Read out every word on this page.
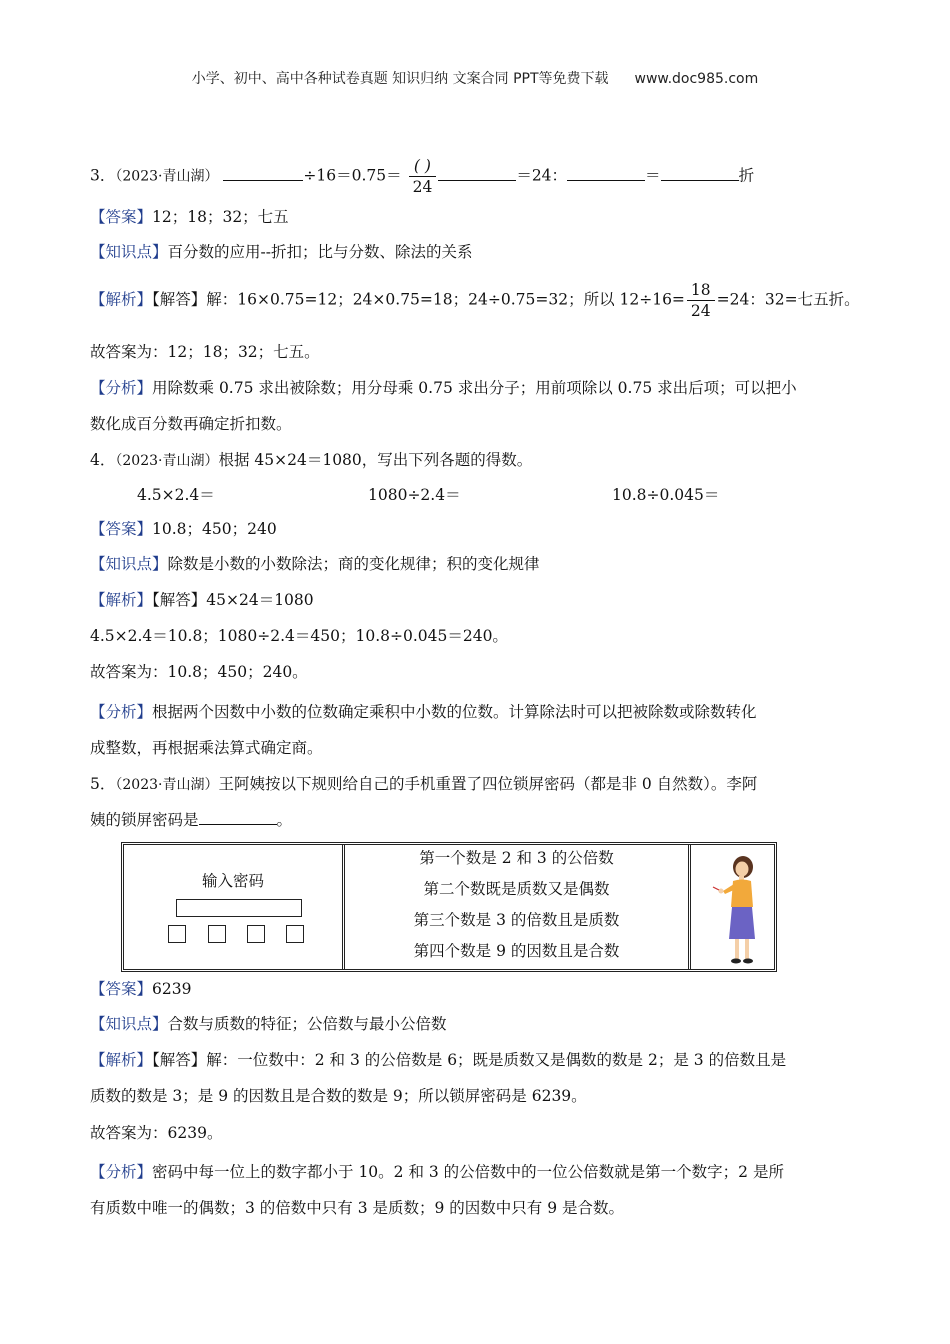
小学、初中、高中各种试卷真题 知识归纳 文案合同 PPT等免费下载 www.doc985.com
3．（2023·青山湖）	$\div 16=0.75= \frac{( )}{24}$	＝24：	＝	折
【答案】12；18；32；七五
【知识点】百分数的应用--折扣；比与分数、除法的关系
【解析】【解答】解：16×0.75=12；24×0.75=18；24÷0.75=32；所以 $12\div 16= \frac{18}{24} =24$：32=七五折。
故答案为：12；18；32；七五。
【分析】用除数乘 0.75 求出被除数；用分母乘 0.75 求出分子；用前项除以 0.75 求出后项；可以把小
数化成百分数再确定折扣数。
4．（2023·青山湖）根据 45×24＝1080，写出下列各题的得数。
4.5×2.4＝	1080÷2.4＝	10.8÷0.045＝
【答案】10.8；450；240
【知识点】除数是小数的小数除法；商的变化规律；积的变化规律
【解析】【解答】45×24＝1080
4.5×2.4＝10.8；1080÷2.4＝450；10.8÷0.045＝240。
故答案为：10.8；450；240。
【分析】根据两个因数中小数的位数确定乘积中小数的位数。计算除法时可以把被除数或除数转化
成整数，再根据乘法算式确定商。
5．（2023·青山湖）王阿姨按以下规则给自己的手机重置了四位锁屏密码（都是非 0 自然数）。李阿
姨的锁屏密码是	。
输入密码
第一个数是 2 和 3 的公倍数
第二个数既是质数又是偶数
第三个数是 3 的倍数且是质数
第四个数是 9 的因数且是合数
【答案】6239
【知识点】合数与质数的特征；公倍数与最小公倍数
【解析】【解答】解：一位数中：2 和 3 的公倍数是 6；既是质数又是偶数的数是 2；是 3 的倍数且是
质数的数是 3；是 9 的因数且是合数的数是 9；所以锁屏密码是 6239。
故答案为：6239。
【分析】密码中每一位上的数字都小于 10。2 和 3 的公倍数中的一位公倍数就是第一个数字；2 是所
有质数中唯一的偶数；3 的倍数中只有 3 是质数；9 的因数中只有 9 是合数。
